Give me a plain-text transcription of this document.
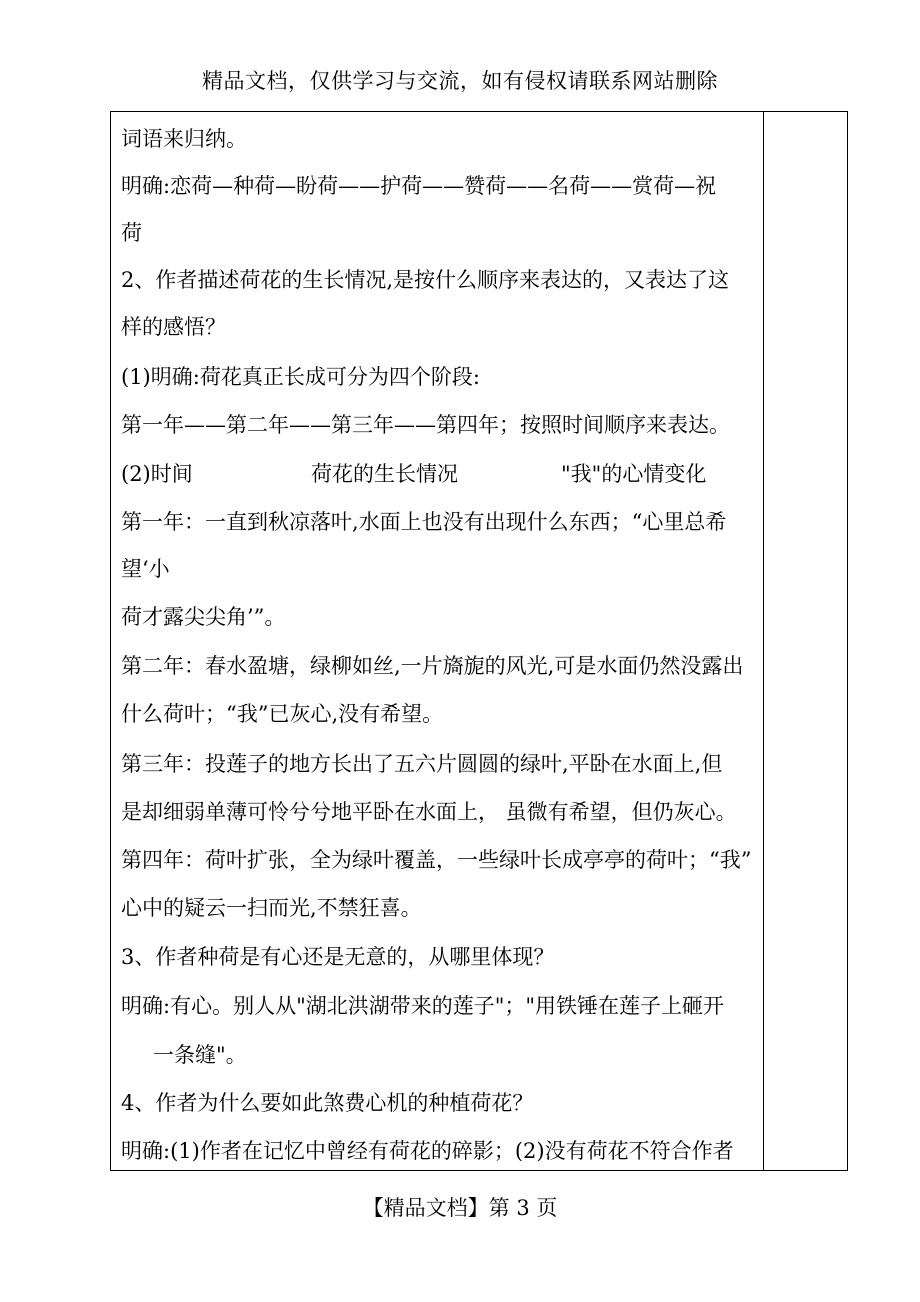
精品文档，仅供学习与交流，如有侵权请联系网站删除
词语来归纳。
明确:恋荷—种荷—盼荷——护荷——赞荷——名荷——赏荷—祝
荷
2、作者描述荷花的生长情况,是按什么顺序来表达的，又表达了这
样的感悟？
(1)明确:荷花真正长成可分为四个阶段:
第一年——第二年——第三年——第四年；按照时间顺序来表达。
(2)时间	荷花的生长情况	"我"的心情变化
第一年：一直到秋凉落叶,水面上也没有出现什么东西；“心里总希
望‘小
荷才露尖尖角’”。
第二年：春水盈塘，绿柳如丝,一片旖旎的风光,可是水面仍然没露出
什么荷叶；“我”已灰心,没有希望。
第三年：投莲子的地方长出了五六片圆圆的绿叶,平卧在水面上,但
是却细弱单薄可怜兮兮地平卧在水面上， 虽微有希望，但仍灰心。
第四年：荷叶扩张，全为绿叶覆盖，一些绿叶长成亭亭的荷叶；“我”
心中的疑云一扫而光,不禁狂喜。
3、作者种荷是有心还是无意的，从哪里体现？
明确:有心。别人从"湖北洪湖带来的莲子"；"用铁锤在莲子上砸开
一条缝"。
4、作者为什么要如此煞费心机的种植荷花？
明确:(1)作者在记忆中曾经有荷花的碎影；(2)没有荷花不符合作者
【精品文档】第 3 页
